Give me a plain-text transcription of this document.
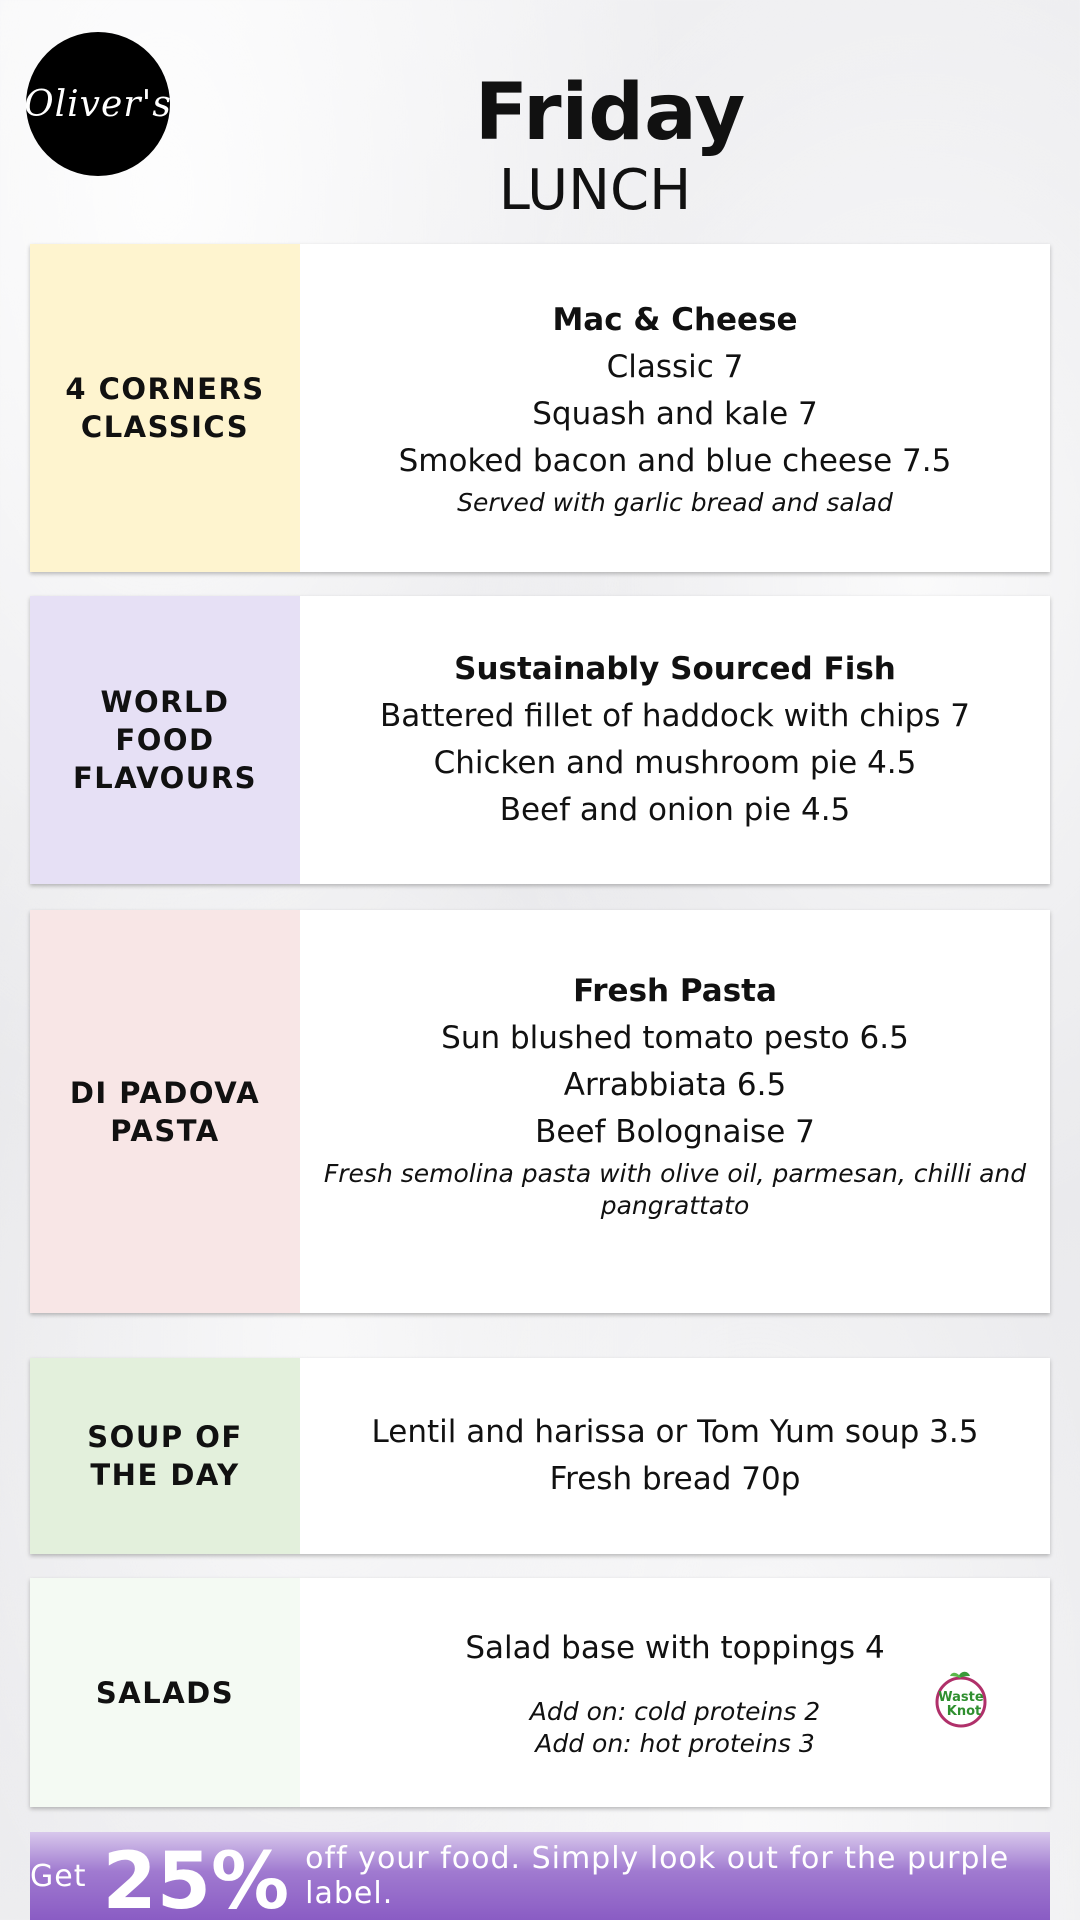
Oliver's	Friday
LUNCH
4 CORNERS CLASSICS
Mac & Cheese
Classic 7
Squash and kale 7
Smoked bacon and blue cheese 7.5
Served with garlic bread and salad
WORLD FOOD FLAVOURS
Sustainably Sourced Fish
Battered fillet of haddock with chips 7
Chicken and mushroom pie 4.5
Beef and onion pie 4.5
DI PADOVA PASTA
Fresh Pasta
Sun blushed tomato pesto 6.5
Arrabbiata 6.5
Beef Bolognaise 7
Fresh semolina pasta with olive oil, parmesan, chilli and pangrattato
SOUP OF THE DAY
Lentil and harissa or Tom Yum soup 3.5
Fresh bread 70p
SALADS
Salad base with toppings 4
Add on: cold proteins 2
Add on: hot proteins 3
Waste
Knot
Get 25% off your food. Simply look out for the purple label.
